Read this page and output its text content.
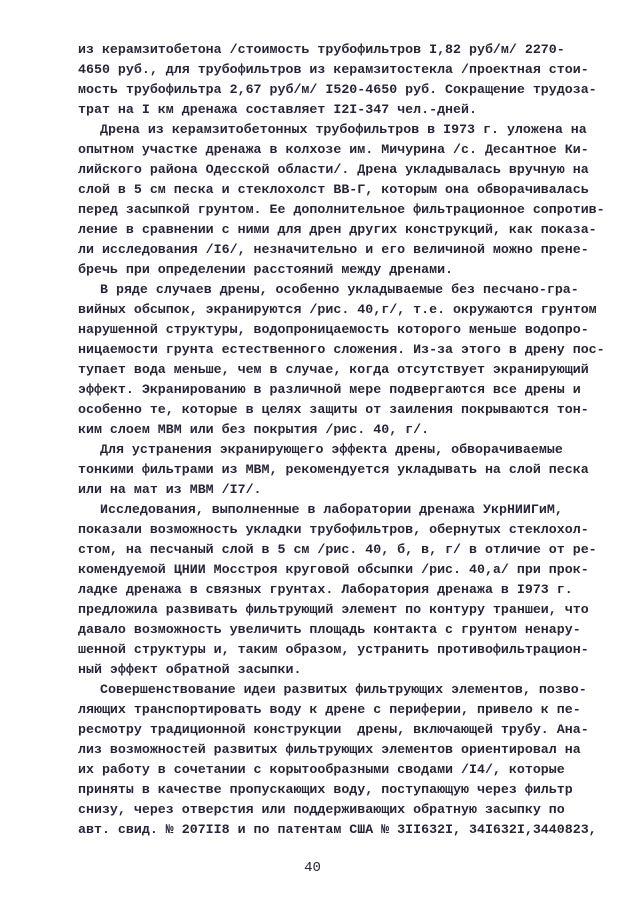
из керамзитобетона /стоимость трубофильтров I,82 руб/м/ 2270-
4650 руб., для трубофильтров из керамзитостекла /проектная стои-
мость трубофильтра 2,67 руб/м/ I520-4650 руб. Сокращение трудоза-
трат на I км дренажа составляет I2I-347 чел.-дней.
Дрена из керамзитобетонных трубофильтров в I973 г. уложена на
опытном участке дренажа в колхозе им. Мичурина /с. Десантное Ки-
лийского района Одесской области/. Дрена укладывалась вручную на
слой в 5 см песка и стеклохолст ВВ-Г, которым она обворачивалась
перед засыпкой грунтом. Ее дополнительное фильтрационное сопротив-
ление в сравнении с ними для дрен других конструкций, как показа-
ли исследования /I6/, незначительно и его величиной можно прене-
бречь при определении расстояний между дренами.
В ряде случаев дрены, особенно укладываемые без песчано-гра-
вийных обсыпок, экранируются /рис. 40,г/, т.е. окружаются грунтом
нарушенной структуры, водопроницаемость которого меньше водопро-
ницаемости грунта естественного сложения. Из-за этого в дрену пос-
тупает вода меньше, чем в случае, когда отсутствует экранирующий
эффект. Экранированию в различной мере подвергаются все дрены и
особенно те, которые в целях защиты от заиления покрываются тон-
ким слоем МВМ или без покрытия /рис. 40, г/.
Для устранения экранирующего эффекта дрены, обворачиваемые
тонкими фильтрами из МВМ, рекомендуется укладывать на слой песка
или на мат из МВМ /I7/.
Исследования, выполненные в лаборатории дренажа УкрНИИГиМ,
показали возможность укладки трубофильтров, обернутых стеклохол-
стом, на песчаный слой в 5 см /рис. 40, б, в, г/ в отличие от ре-
комендуемой ЦНИИ Мосстроя круговой обсыпки /рис. 40,а/ при прок-
ладке дренажа в связных грунтах. Лаборатория дренажа в I973 г.
предложила развивать фильтрующий элемент по контуру траншеи, что
давало возможность увеличить площадь контакта с грунтом ненару-
шенной структуры и, таким образом, устранить противофильтрацион-
ный эффект обратной засыпки.
Совершенствование идеи развитых фильтрующих элементов, позво-
ляющих транспортировать воду к дрене с периферии, привело к пе-
ресмотру традиционной конструкции  дрены, включающей трубу. Ана-
лиз возможностей развитых фильтрующих элементов ориентировал на
их работу в сочетании с корытообразными сводами /I4/, которые
приняты в качестве пропускающих воду, поступающую через фильтр
снизу, через отверстия или поддерживающих обратную засыпку по
авт. свид. № 207II8 и по патентам США № 3II632I, 34I632I,3440823,
40
